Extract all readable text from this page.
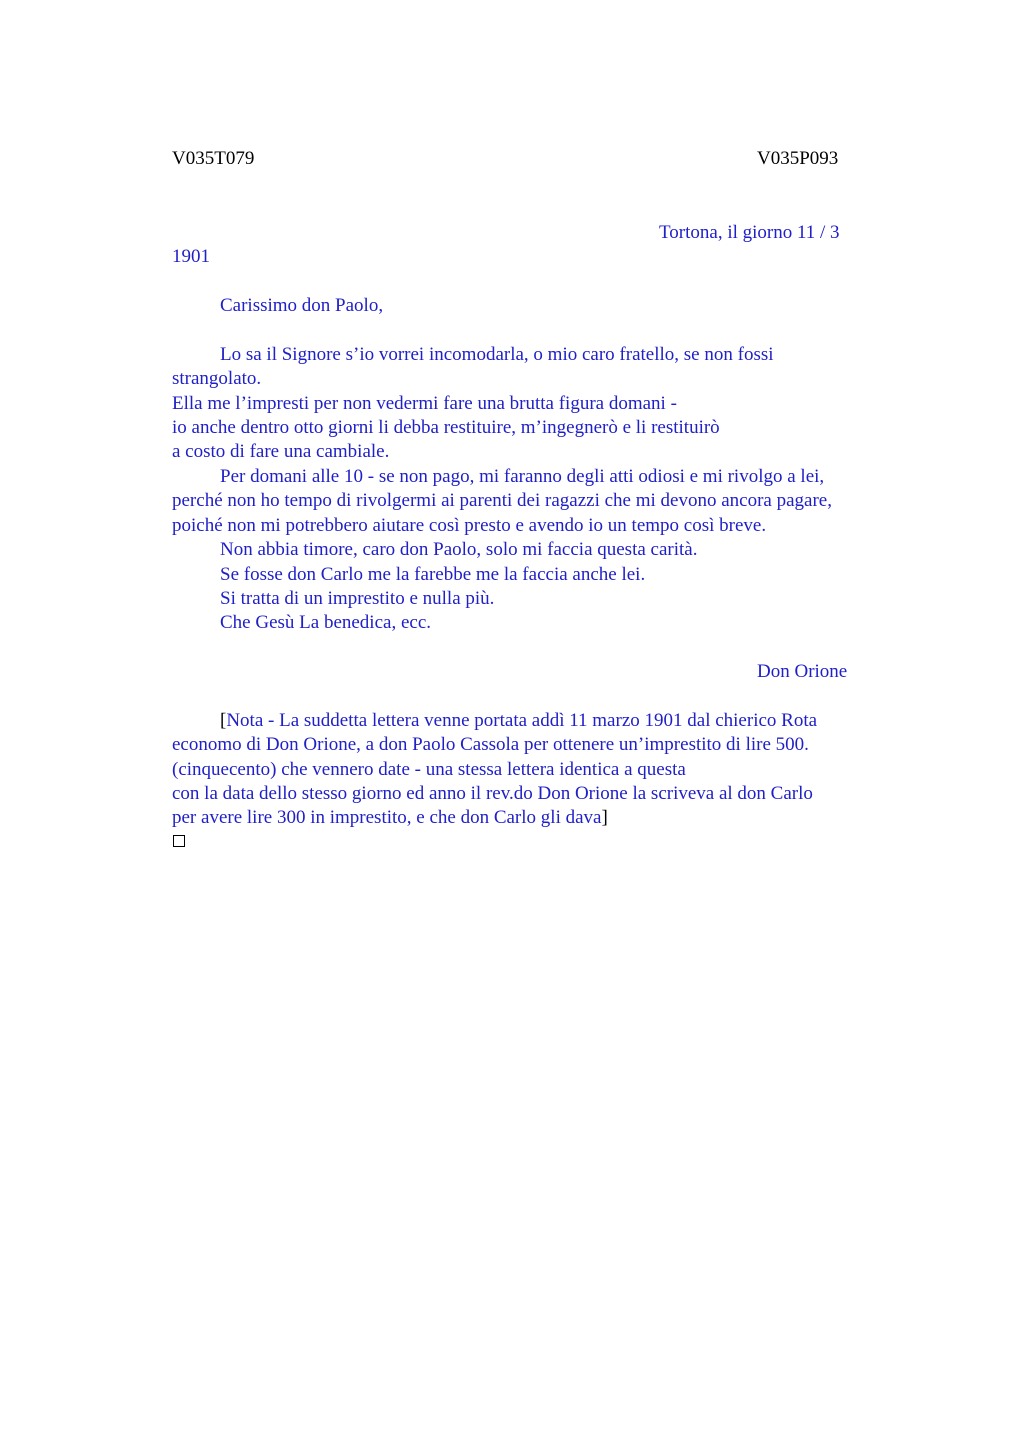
V035T079	V035P093
Tortona, il giorno 11 / 3
1901
Carissimo don Paolo,
Lo sa il Signore s’io vorrei incomodarla, o mio caro fratello, se non fossi
strangolato.
Ella me l’impresti per non vedermi fare una brutta figura domani -
io anche dentro otto giorni li debba restituire, m’ingegnerò e li restituirò
a costo di fare una cambiale.
Per domani alle 10 - se non pago, mi faranno degli atti odiosi e mi rivolgo a lei,
perché non ho tempo di rivolgermi ai parenti dei ragazzi che mi devono ancora pagare,
poiché non mi potrebbero aiutare così presto e avendo io un tempo così breve.
Non abbia timore, caro don Paolo, solo mi faccia questa carità.
Se fosse don Carlo me la farebbe me la faccia anche lei.
Si tratta di un imprestito e nulla più.
Che Gesù La benedica, ecc.
Don Orione
[Nota - La suddetta lettera venne portata addì 11 marzo 1901 dal chierico Rota
economo di Don Orione, a don Paolo Cassola per ottenere un’imprestito di lire 500.
(cinquecento) che vennero date - una stessa lettera identica a questa
con la data dello stesso giorno ed anno il rev.do Don Orione la scriveva al don Carlo
per avere lire 300 in imprestito, e che don Carlo gli dava]
